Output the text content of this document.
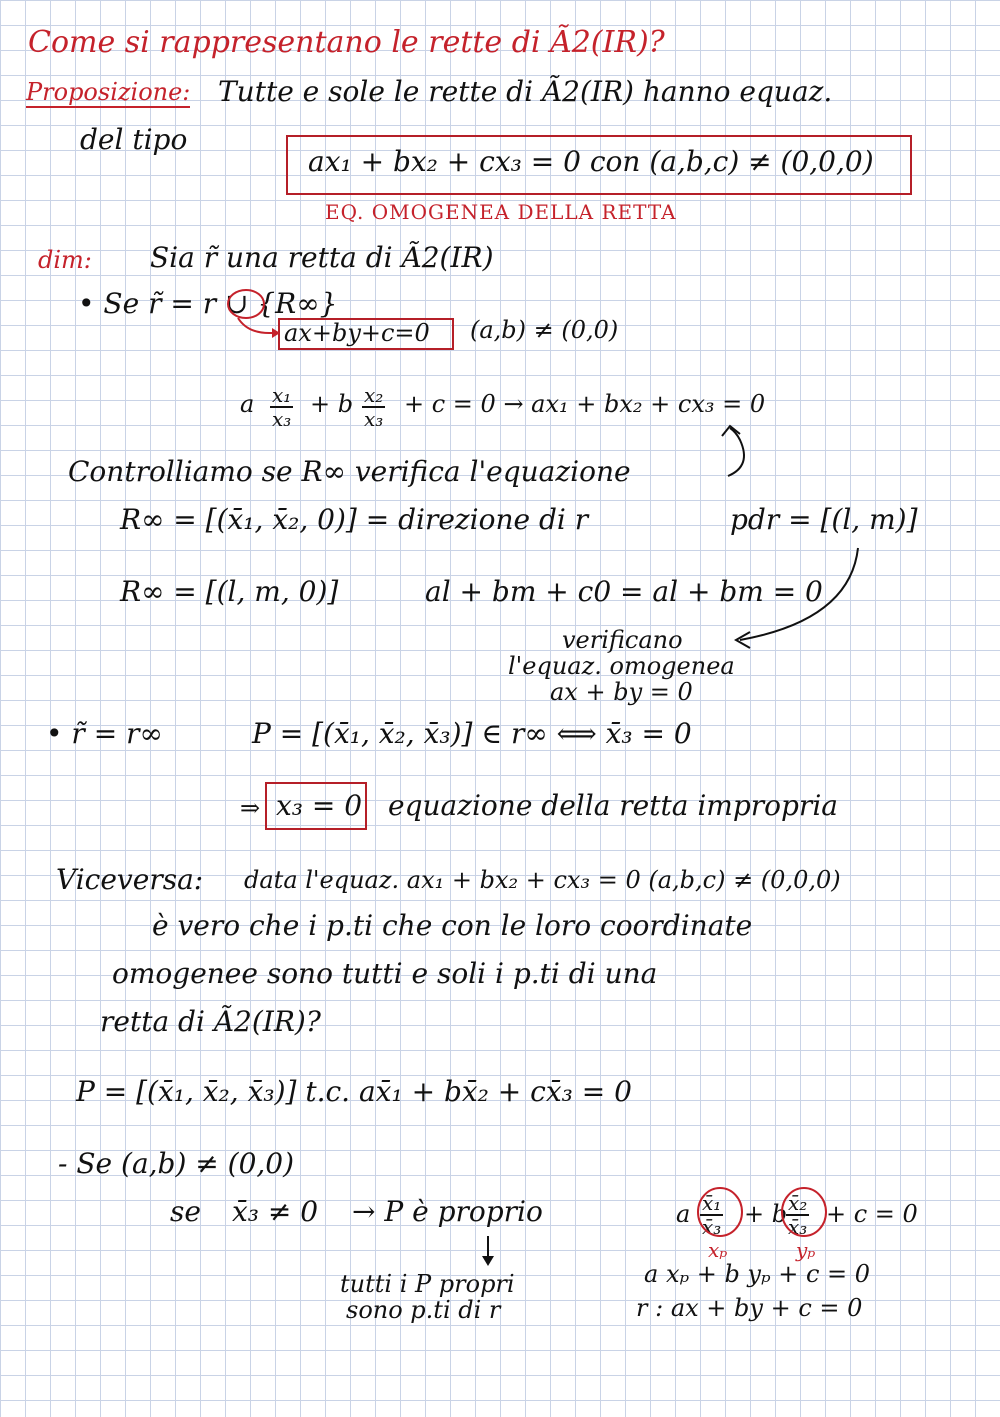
Come si rappresentano le rette di Ã2(IR)?
Proposizione: Tutte e sole le rette di Ã2(IR) hanno equaz.
del tipo
ax₁ + bx₂ + cx₃ = 0 con (a,b,c) ≠ (0,0,0)
EQ. OMOGENEA DELLA RETTA
dim: Sia r̃ una retta di Ã2(IR)
• Se r̃ = r ∪ {R∞}
ax+by+c=0 (a,b) ≠ (0,0)
a $\frac{\text{x₁}}{\text{x₃}} + b \frac{\text{x₂}}{\text{x₃}} + c = 0 \to ax_1 + bx_2 + cx_3 = 0$
Controlliamo se R∞ verifica l'equazione
R∞ = [(x̄₁, x̄₂, 0)] = direzione di r	pdr = [(l, m)]
R∞ = [(l, m, 0)]	al + bm + c0 = al + bm = 0
verificano
l'equaz. omogenea
ax + by = 0
• r̃ = r∞	P = [(x̄₁, x̄₂, x̄₃)] ∈ r∞ ⟺ x̄₃ = 0
⇒ x₃ = 0 equazione della retta impropria
Viceversa: data l'equaz. ax₁ + bx₂ + cx₃ = 0 (a,b,c) ≠ (0,0,0)
è vero che i p.ti che con le loro coordinate
omogenee sono tutti e soli i p.ti di una
retta di Ã2(IR)?
P = [(x̄₁, x̄₂, x̄₃)] t.c. ax̄₁ + bx̄₂ + cx̄₃ = 0
- Se (a,b) ≠ (0,0)
se x̄₃ ≠ 0 → P è proprio	a $\frac{\text{x̄₁}}{\text{x̄₃}} + b$
$\frac{\text{x̄₂}}{\text{x̄₃}} + c = 0$
xₚ	yₚ
tutti i P propri
sono p.ti di r
a xₚ + b yₚ + c = 0
r : ax + by + c = 0
